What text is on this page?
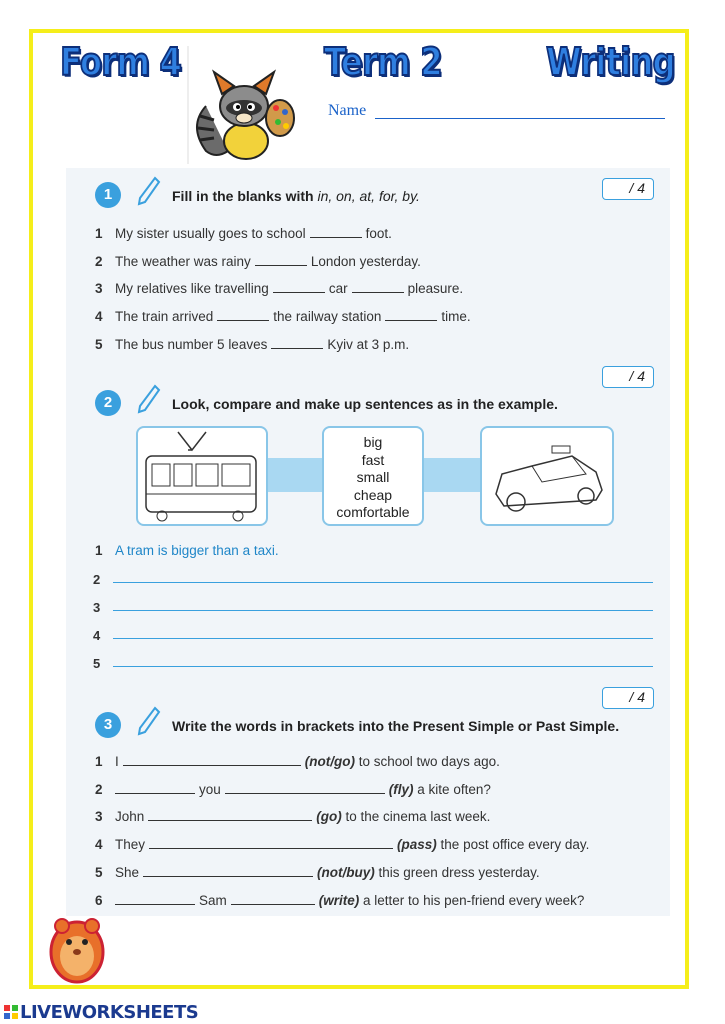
Form 4	Term 2	Writing
Name
1	Fill in the blanks with in, on, at, for, by.	/ 4
1 My sister usually goes to school	foot.
2 The weather was rainy	London yesterday.
3 My relatives like travelling	car	pleasure.
4 The train arrived	the railway station	time.
5 The bus number 5 leaves	Kyiv at 3 p.m.
/ 4
2	Look, compare and make up sentences as in the example.
big
fast
small
cheap
comfortable
1 A tram is bigger than a taxi.
2
3
4
5
/ 4
3	Write the words in brackets into the Present Simple or Past Simple.
1 I	(not/go) to school two days ago.
2	you	(fly) a kite often?
3 John	(go) to the cinema last week.
4 They	(pass) the post office every day.
5 She	(not/buy) this green dress yesterday.
6	Sam	(write) a letter to his pen-friend every week?
LIVEWORKSHEETS
